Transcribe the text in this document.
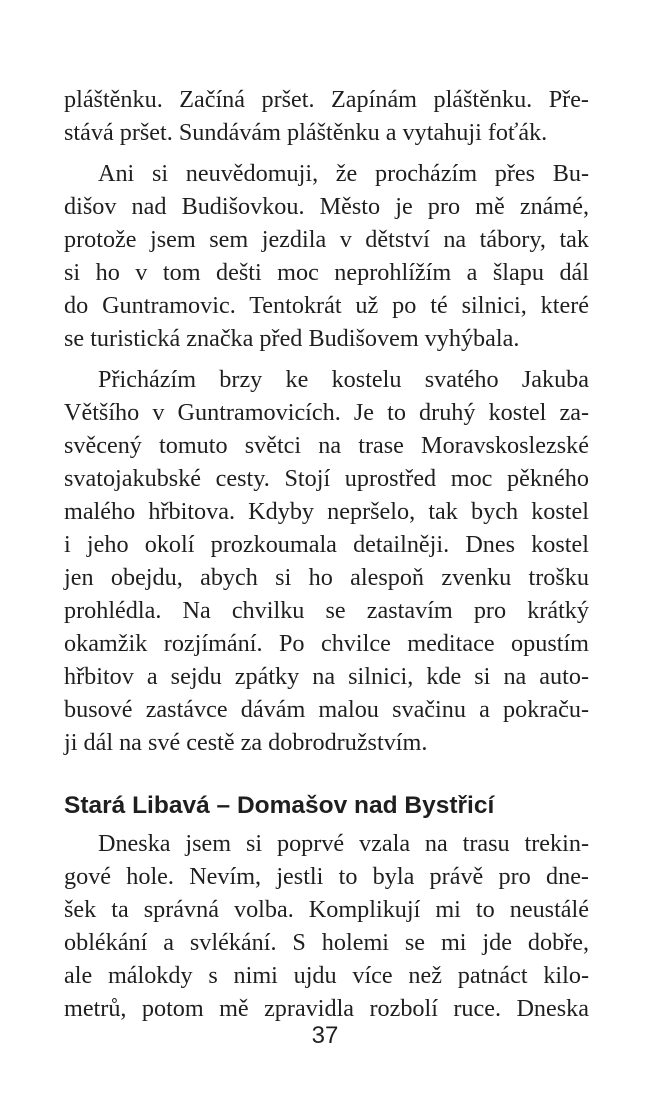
pláštěnku. Začíná pršet. Zapínám pláštěnku. Pře-
stává pršet. Sundávám pláštěnku a vytahuji foťák.
Ani si neuvědomuji, že procházím přes Bu-
dišov nad Budišovkou. Město je pro mě známé,
protože jsem sem jezdila v dětství na tábory, tak
si ho v tom dešti moc neprohlížím a šlapu dál
do Guntramovic. Tentokrát už po té silnici, které
se turistická značka před Budišovem vyhýbala.
Přicházím brzy ke kostelu svatého Jakuba
Většího v Guntramovicích. Je to druhý kostel za-
svěcený tomuto světci na trase Moravskoslezské
svatojakubské cesty. Stojí uprostřed moc pěkného
malého hřbitova. Kdyby nepršelo, tak bych kostel
i jeho okolí prozkoumala detailněji. Dnes kostel
jen obejdu, abych si ho alespoň zvenku trošku
prohlédla. Na chvilku se zastavím pro krátký
okamžik rozjímání. Po chvilce meditace opustím
hřbitov a sejdu zpátky na silnici, kde si na auto-
busové zastávce dávám malou svačinu a pokraču-
ji dál na své cestě za dobrodružstvím.
Stará Libavá – Domašov nad Bystřicí
Dneska jsem si poprvé vzala na trasu trekin-
gové hole. Nevím, jestli to byla právě pro dne-
šek ta správná volba. Komplikují mi to neustálé
oblékání a svlékání. S holemi se mi jde dobře,
ale málokdy s nimi ujdu více než patnáct kilo-
metrů, potom mě zpravidla rozbolí ruce. Dneska
37
